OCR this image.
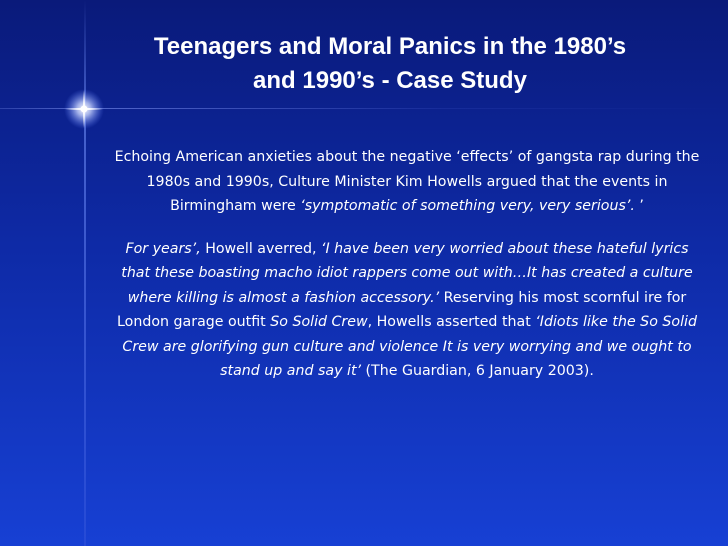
Teenagers and Moral Panics in the 1980’s
and 1990’s - Case Study

Echoing American anxieties about the negative ‘effects’ of gangsta rap during the 1980s and 1990s, Culture Minister Kim Howells argued that the events in Birmingham were ‘symptomatic of something very, very serious’. ’

For years’, Howell averred, ‘I have been very worried about these hateful lyrics that these boasting macho idiot rappers come out with…It has created a culture where killing is almost a fashion accessory.’ Reserving his most scornful ire for London garage outfit So Solid Crew, Howells asserted that ‘Idiots like the So Solid Crew are glorifying gun culture and violence It is very worrying and we ought to stand up and say it’ (The Guardian, 6 January 2003).
